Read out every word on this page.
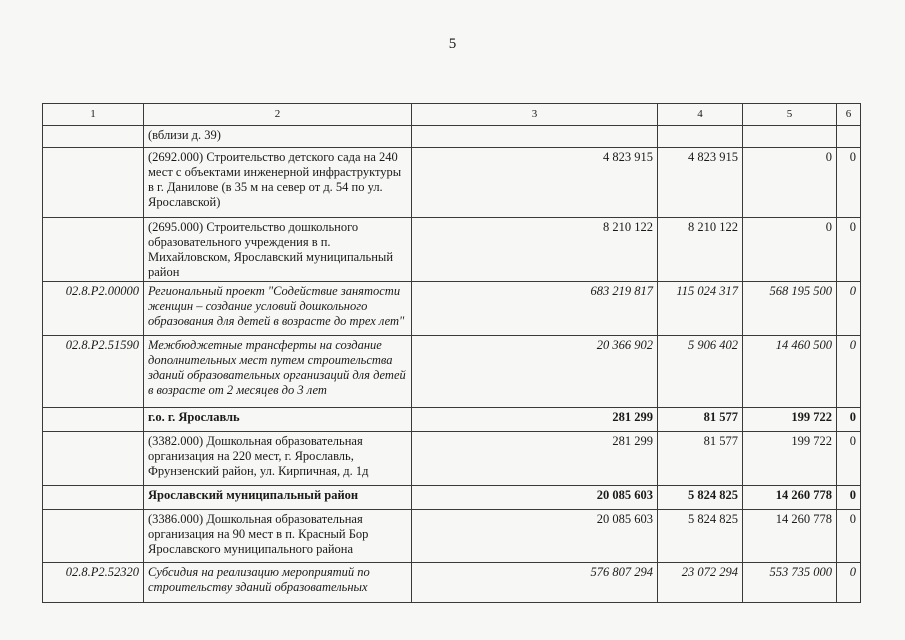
5
1	2	3	4	5	6
	(вблизи д. 39)				
	(2692.000) Строительство детского сада на 240 мест с объектами инженерной инфраструктуры в г. Данилове (в 35 м на север от д. 54 по ул. Ярославской)	4 823 915	4 823 915	0	0
	(2695.000) Строительство дошкольного образовательного учреждения в п. Михайловском, Ярославский муниципальный район	8 210 122	8 210 122	0	0
02.8.P2.00000	Региональный проект "Содействие занятости женщин – создание условий дошкольного образования для детей в возрасте до трех лет"	683 219 817	115 024 317	568 195 500	0
02.8.P2.51590	Межбюджетные трансферты на создание дополнительных мест путем строительства зданий образовательных организаций для детей в возрасте от 2 месяцев до 3 лет	20 366 902	5 906 402	14 460 500	0
	г.о. г. Ярославль	281 299	81 577	199 722	0
	(3382.000) Дошкольная образовательная организация на 220 мест, г. Ярославль, Фрунзенский район, ул. Кирпичная, д. 1д	281 299	81 577	199 722	0
	Ярославский муниципальный район	20 085 603	5 824 825	14 260 778	0
	(3386.000) Дошкольная образовательная организация на 90 мест в п. Красный Бор Ярославского муниципального района	20 085 603	5 824 825	14 260 778	0
02.8.P2.52320	Субсидия на реализацию мероприятий по строительству зданий образовательных	576 807 294	23 072 294	553 735 000	0
